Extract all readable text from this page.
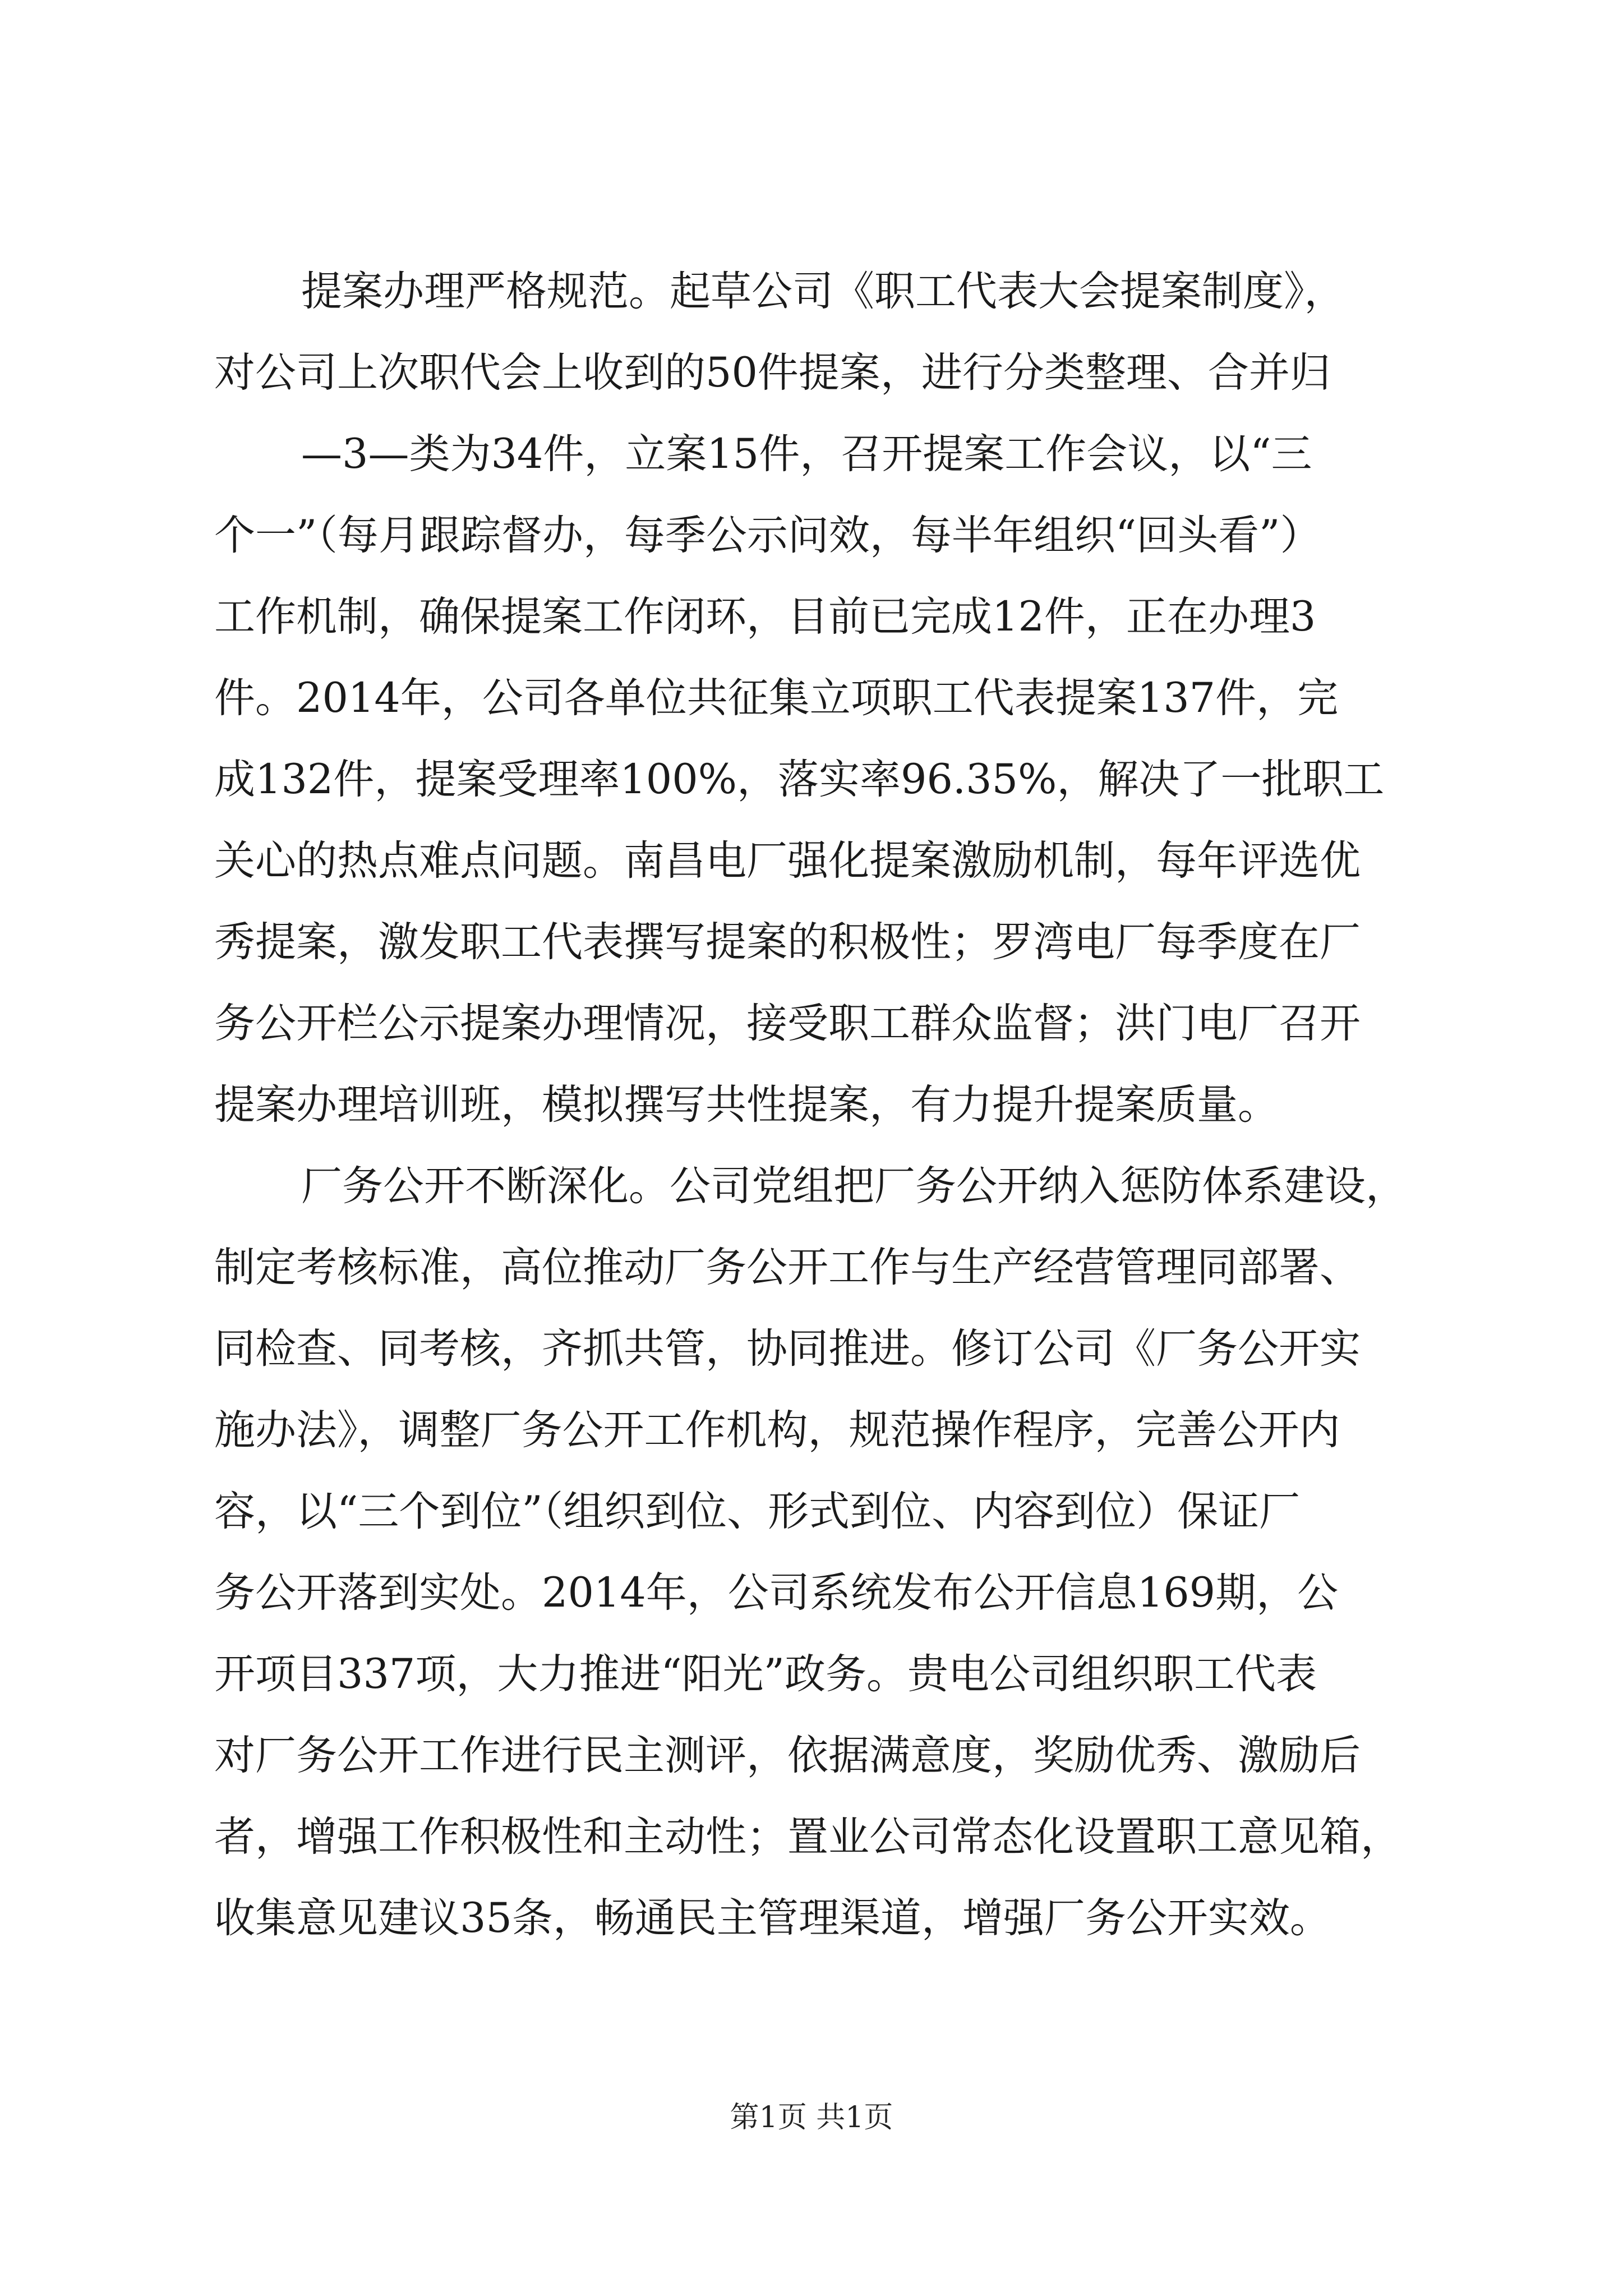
提案办理严格规范。起草公司《职工代表大会提案制度》，
对公司上次职代会上收到的50件提案，进行分类整理、合并归
—3—类为34件，立案15件，召开提案工作会议，以“三
个一”（每月跟踪督办，每季公示问效，每半年组织“回头看”）
工作机制，确保提案工作闭环，目前已完成12件，正在办理3
件。2014年，公司各单位共征集立项职工代表提案137件，完
成132件，提案受理率100%，落实率96.35%，解决了一批职工
关心的热点难点问题。南昌电厂强化提案激励机制，每年评选优
秀提案，激发职工代表撰写提案的积极性；罗湾电厂每季度在厂
务公开栏公示提案办理情况，接受职工群众监督；洪门电厂召开
提案办理培训班，模拟撰写共性提案，有力提升提案质量。
厂务公开不断深化。公司党组把厂务公开纳入惩防体系建设，
制定考核标准，高位推动厂务公开工作与生产经营管理同部署、
同检查、同考核，齐抓共管，协同推进。修订公司《厂务公开实
施办法》，调整厂务公开工作机构，规范操作程序，完善公开内
容，以“三个到位”（组织到位、形式到位、内容到位）保证厂
务公开落到实处。2014年，公司系统发布公开信息169期，公
开项目337项，大力推进“阳光”政务。贵电公司组织职工代表
对厂务公开工作进行民主测评，依据满意度，奖励优秀、激励后
者，增强工作积极性和主动性；置业公司常态化设置职工意见箱，
收集意见建议35条，畅通民主管理渠道，增强厂务公开实效。
第1页 共1页
